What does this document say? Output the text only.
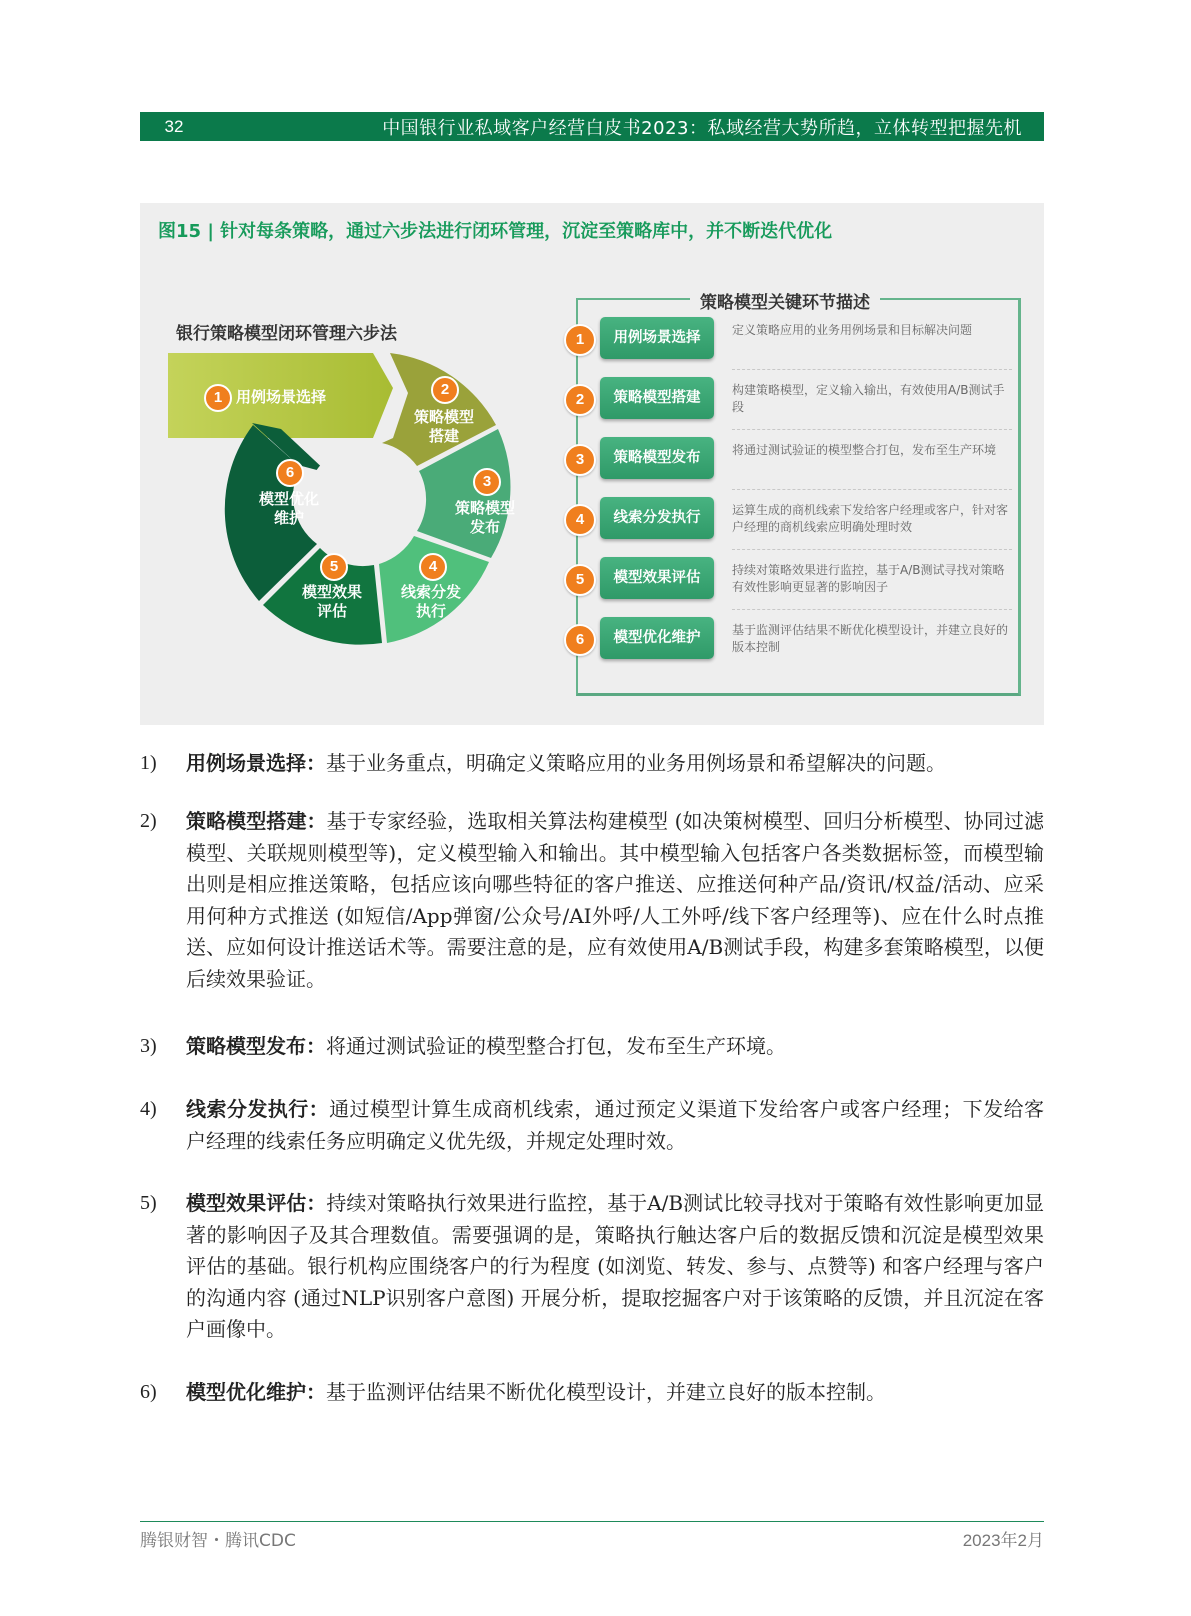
32	中国银行业私域客户经营白皮书2023：私域经营大势所趋，立体转型把握先机
图15 | 针对每条策略，通过六步法进行闭环管理，沉淀至策略库中，并不断迭代优化
银行策略模型闭环管理六步法
1 用例场景选择	2
策略模型
搭建
3
策略模型
发布
4
线索分发
执行
5
模型效果
评估
6
模型优化
维护
策略模型关键环节描述
1	用例场景选择	定义策略应用的业务用例场景和目标解决问题
2	策略模型搭建	构建策略模型，定义输入输出，有效使用A/B测试手段
3	策略模型发布	将通过测试验证的模型整合打包，发布至生产环境
4	线索分发执行	运算生成的商机线索下发给客户经理或客户，针对客户经理的商机线索应明确处理时效
5	模型效果评估	持续对策略效果进行监控，基于A/B测试寻找对策略有效性影响更显著的影响因子
6	模型优化维护	基于监测评估结果不断优化模型设计，并建立良好的版本控制
1) 用例场景选择：基于业务重点，明确定义策略应用的业务用例场景和希望解决的问题。
2) 策略模型搭建：基于专家经验，选取相关算法构建模型 (如决策树模型、回归分析模型、协同过滤模型、关联规则模型等)，定义模型输入和输出。其中模型输入包括客户各类数据标签，而模型输出则是相应推送策略，包括应该向哪些特征的客户推送、应推送何种产品/资讯/权益/活动、应采用何种方式推送 (如短信/App弹窗/公众号/AI外呼/人工外呼/线下客户经理等)、应在什么时点推送、应如何设计推送话术等。需要注意的是，应有效使用A/B测试手段，构建多套策略模型，以便后续效果验证。
3) 策略模型发布：将通过测试验证的模型整合打包，发布至生产环境。
4) 线索分发执行：通过模型计算生成商机线索，通过预定义渠道下发给客户或客户经理；下发给客户经理的线索任务应明确定义优先级，并规定处理时效。
5) 模型效果评估：持续对策略执行效果进行监控，基于A/B测试比较寻找对于策略有效性影响更加显著的影响因子及其合理数值。需要强调的是，策略执行触达客户后的数据反馈和沉淀是模型效果评估的基础。银行机构应围绕客户的行为程度 (如浏览、转发、参与、点赞等) 和客户经理与客户的沟通内容 (通过NLP识别客户意图) 开展分析，提取挖掘客户对于该策略的反馈，并且沉淀在客户画像中。
6) 模型优化维护：基于监测评估结果不断优化模型设计，并建立良好的版本控制。
腾银财智・腾讯CDC	2023年2月
